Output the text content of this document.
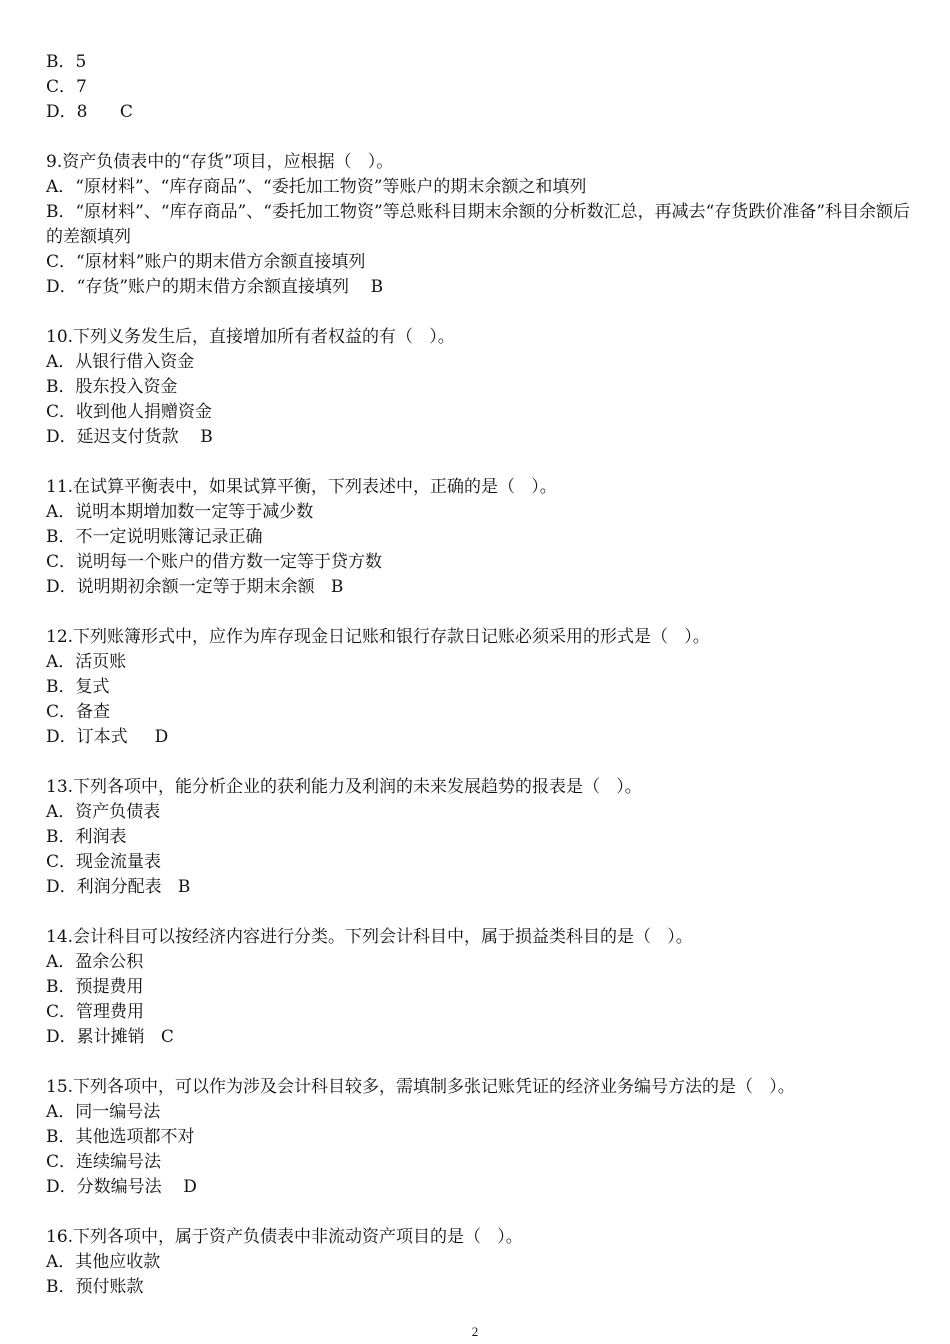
B．5
C．7
D．8      C
9.资产负债表中的“存货”项目，应根据（   ）。
A．“原材料”、“库存商品”、“委托加工物资”等账户的期末余额之和填列
B．“原材料”、“库存商品”、“委托加工物资”等总账科目期末余额的分析数汇总，再减去“存货跌价准备”科目余额后的差额填列
C．“原材料”账户的期末借方余额直接填列
D．“存货”账户的期末借方余额直接填列    B
10.下列义务发生后，直接增加所有者权益的有（   ）。
A．从银行借入资金
B．股东投入资金
C．收到他人捐赠资金
D．延迟支付货款    B
11.在试算平衡表中，如果试算平衡，下列表述中，正确的是（   ）。
A．说明本期增加数一定等于减少数
B．不一定说明账簿记录正确
C．说明每一个账户的借方数一定等于贷方数
D．说明期初余额一定等于期末余额   B
12.下列账簿形式中，应作为库存现金日记账和银行存款日记账必须采用的形式是（   ）。
A．活页账
B．复式
C．备查
D．订本式     D
13.下列各项中，能分析企业的获利能力及利润的未来发展趋势的报表是（   ）。
A．资产负债表
B．利润表
C．现金流量表
D．利润分配表   B
14.会计科目可以按经济内容进行分类。下列会计科目中，属于损益类科目的是（   ）。
A．盈余公积
B．预提费用
C．管理费用
D．累计摊销   C
15.下列各项中，可以作为涉及会计科目较多，需填制多张记账凭证的经济业务编号方法的是（   ）。
A．同一编号法
B．其他选项都不对
C．连续编号法
D．分数编号法    D
16.下列各项中，属于资产负债表中非流动资产项目的是（   ）。
A．其他应收款
B．预付账款
2
